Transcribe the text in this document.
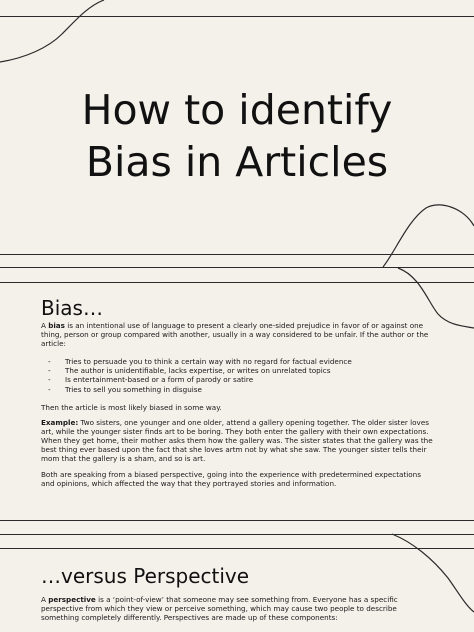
How to identify
Bias in Articles
Bias…

A bias is an intentional use of language to present a clearly one-sided prejudice in favor of or against one thing, person or group compared with another, usually in a way considered to be unfair. If the author or the article:

- Tries to persuade you to think a certain way with no regard for factual evidence
- The author is unidentifiable, lacks expertise, or writes on unrelated topics
- Is entertainment-based or a form of parody or satire
- Tries to sell you something in disguise

Then the article is most likely biased in some way.

Example: Two sisters, one younger and one older, attend a gallery opening together. The older sister loves art, while the younger sister finds art to be boring. They both enter the gallery with their own expectations. When they get home, their mother asks them how the gallery was. The sister states that the gallery was the best thing ever based upon the fact that she loves artm not by what she saw. The younger sister tells their mom that the gallery is a sham, and so is art.

Both are speaking from a biased perspective, going into the experience with predetermined expectations and opinions, which affected the way that they portrayed stories and information.

…versus Perspective

A perspective is a ‘point-of-view’ that someone may see something from. Everyone has a specific perspective from which they view or perceive something, which may cause two people to describe something completely differently. Perspectives are made up of these components:
